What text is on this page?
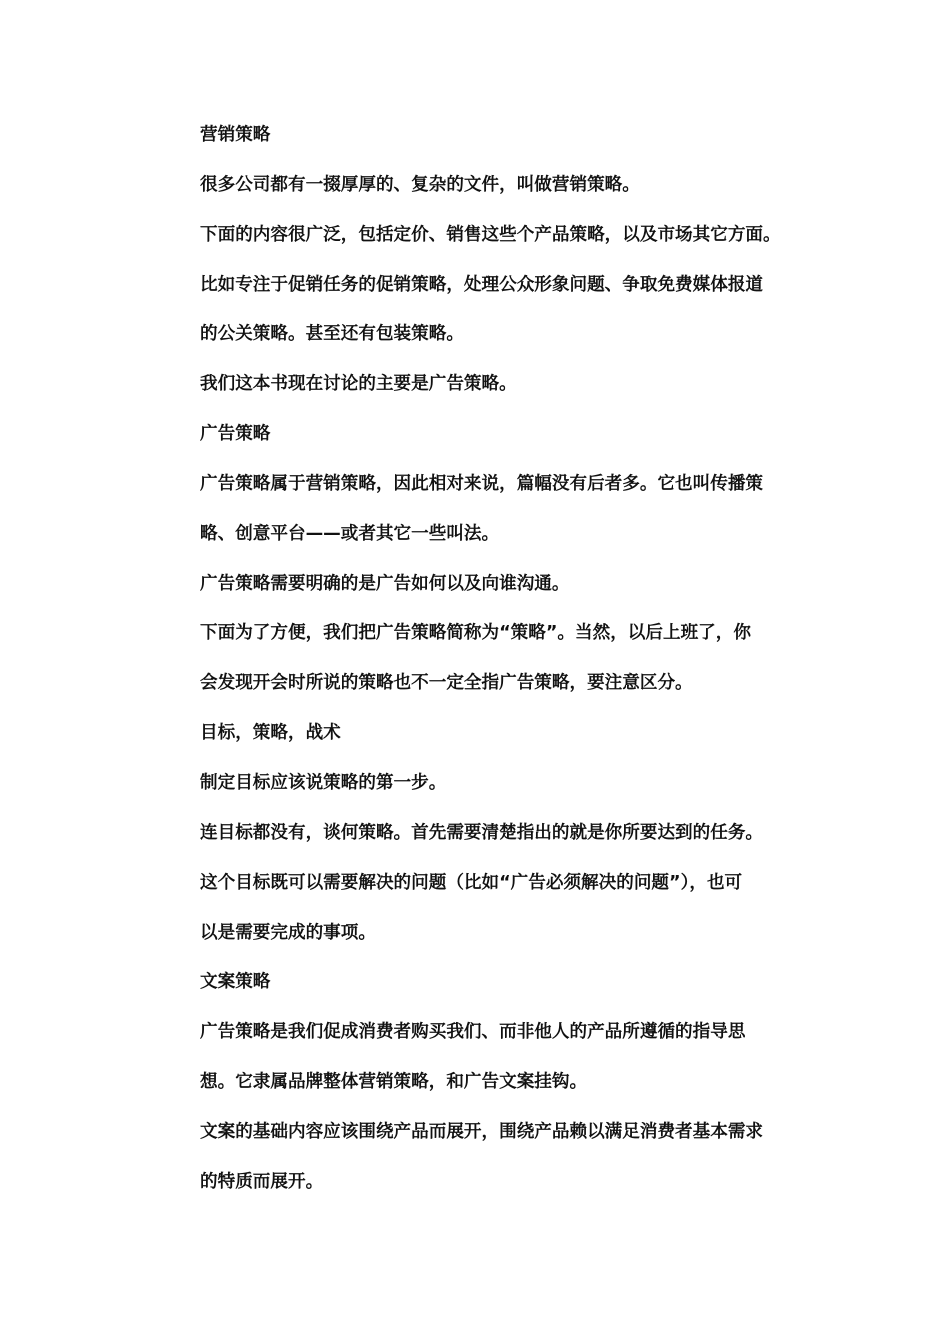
营销策略
很多公司都有一掇厚厚的、复杂的文件，叫做营销策略。
下面的内容很广泛，包括定价、销售这些个产品策略，以及市场其它方面。
比如专注于促销任务的促销策略，处理公众形象问题、争取免费媒体报道
的公关策略。甚至还有包装策略。
我们这本书现在讨论的主要是广告策略。
广告策略
广告策略属于营销策略，因此相对来说，篇幅没有后者多。它也叫传播策
略、创意平台——或者其它一些叫法。
广告策略需要明确的是广告如何以及向谁沟通。
下面为了方便，我们把广告策略简称为“策略”。当然，以后上班了，你
会发现开会时所说的策略也不一定全指广告策略，要注意区分。
目标，策略，战术
制定目标应该说策略的第一步。
连目标都没有，谈何策略。首先需要清楚指出的就是你所要达到的任务。
这个目标既可以需要解决的问题（比如“广告必须解决的问题”），也可
以是需要完成的事项。
文案策略
广告策略是我们促成消费者购买我们、而非他人的产品所遵循的指导思
想。它隶属品牌整体营销策略，和广告文案挂钩。
文案的基础内容应该围绕产品而展开，围绕产品赖以满足消费者基本需求
的特质而展开。
